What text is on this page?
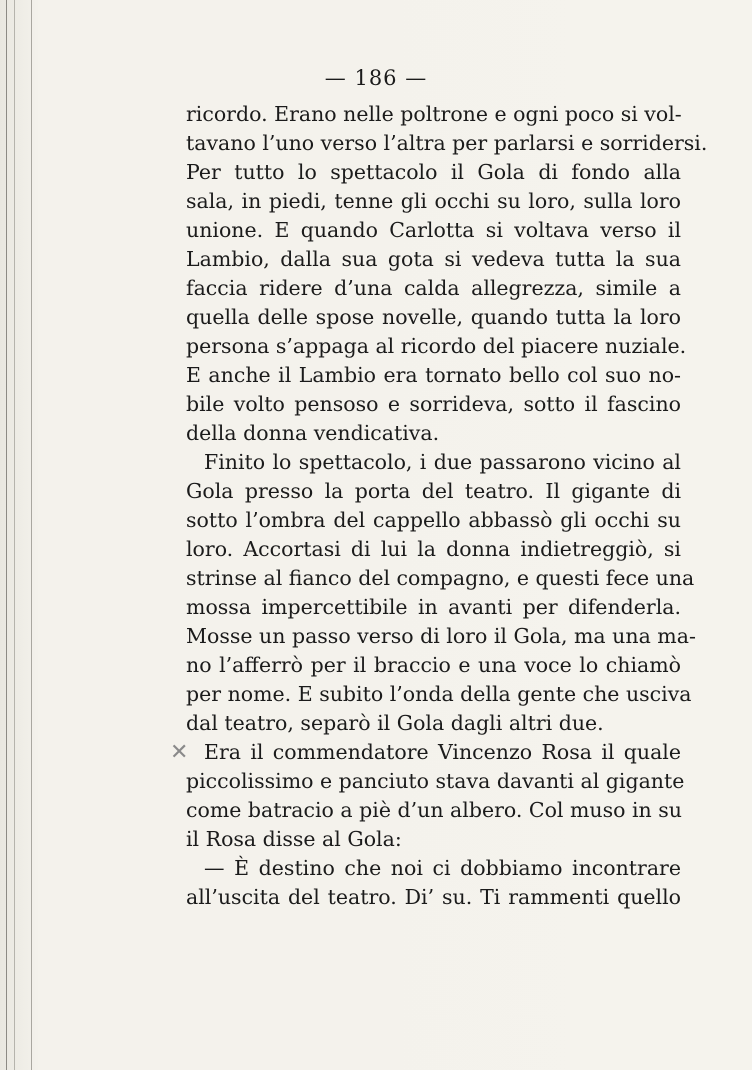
— 186 —
ricordo. Erano nelle poltrone e ogni poco si vol-
tavano l’uno verso l’altra per parlarsi e sorridersi.
Per tutto lo spettacolo il Gola di fondo alla
sala, in piedi, tenne gli occhi su loro, sulla loro
unione. E quando Carlotta si voltava verso il
Lambio, dalla sua gota si vedeva tutta la sua
faccia ridere d’una calda allegrezza, simile a
quella delle spose novelle, quando tutta la loro
persona s’appaga al ricordo del piacere nuziale.
E anche il Lambio era tornato bello col suo no-
bile volto pensoso e sorrideva, sotto il fascino
della donna vendicativa.
Finito lo spettacolo, i due passarono vicino al
Gola presso la porta del teatro. Il gigante di
sotto l’ombra del cappello abbassò gli occhi su
loro. Accortasi di lui la donna indietreggiò, si
strinse al fianco del compagno, e questi fece una
mossa impercettibile in avanti per difenderla.
Mosse un passo verso di loro il Gola, ma una ma-
no l’afferrò per il braccio e una voce lo chiamò
per nome. E subito l’onda della gente che usciva
dal teatro, separò il Gola dagli altri due.
Era il commendatore Vincenzo Rosa il quale
piccolissimo e panciuto stava davanti al gigante
come batracio a piè d’un albero. Col muso in su
il Rosa disse al Gola:
— È destino che noi ci dobbiamo incontrare
all’uscita del teatro. Di’ su. Ti rammenti quello
✕
